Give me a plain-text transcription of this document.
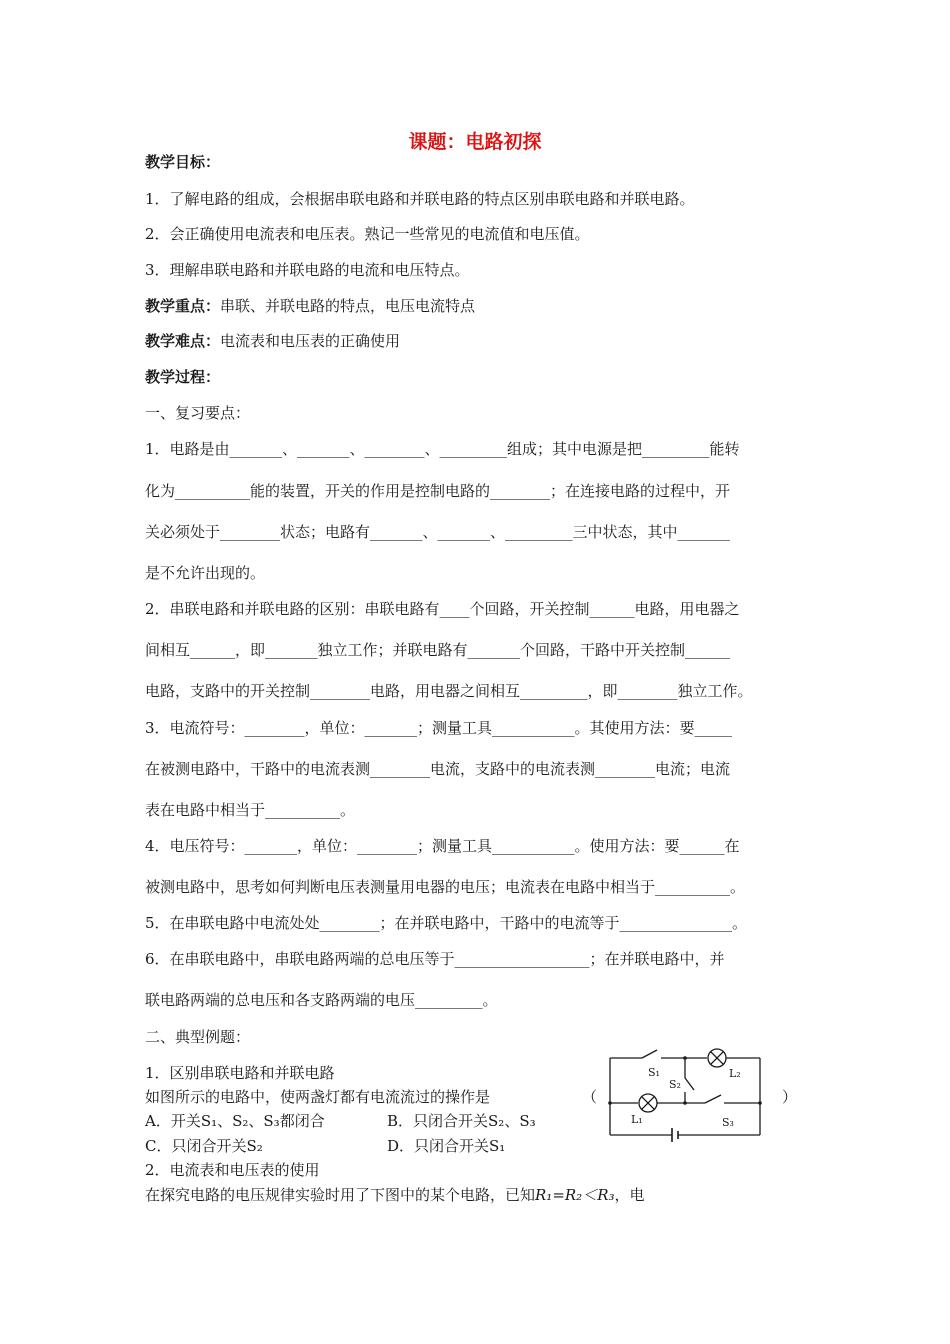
课题：电路初探
教学目标：
1．了解电路的组成，会根据串联电路和并联电路的特点区别串联电路和并联电路。
2．会正确使用电流表和电压表。熟记一些常见的电流值和电压值。
3．理解串联电路和并联电路的电流和电压特点。
教学重点：串联、并联电路的特点，电压电流特点
教学难点：电流表和电压表的正确使用
教学过程：
一、复习要点：
1．电路是由_______、_______、________、_________组成；其中电源是把_________能转
化为__________能的装置，开关的作用是控制电路的________；在连接电路的过程中，开
关必须处于________状态；电路有_______、_______、_________三中状态，其中_______
是不允许出现的。
2．串联电路和并联电路的区别：串联电路有____个回路，开关控制______电路，用电器之
间相互______，即_______独立工作；并联电路有_______个回路，干路中开关控制______
电路，支路中的开关控制________电路，用电器之间相互_________，即________独立工作。
3．电流符号：________，单位：_______；测量工具___________。其使用方法：要_____
在被测电路中，干路中的电流表测________电流，支路中的电流表测________电流；电流
表在电路中相当于__________。
4．电压符号：_______，单位：________；测量工具___________。使用方法：要______在
被测电路中，思考如何判断电压表测量用电器的电压；电流表在电路中相当于__________。
5．在串联电路中电流处处________；在并联电路中，干路中的电流等于_______________。
6．在串联电路中，串联电路两端的总电压等于__________________；在并联电路中，并
联电路两端的总电压和各支路两端的电压_________。
二、典型例题：
1．区别串联电路和并联电路
如图所示的电路中，使两盏灯都有电流流过的操作是
A．开关S₁、S₂、S₃都闭合	B．只闭合开关S₂、S₃
C．只闭合开关S₂	D．只闭合开关S₁
2．电流表和电压表的使用
在探究电路的电压规律实验时用了下图中的某个电路，已知R₁=R₂＜R₃，电
（	）
S₁
S₂
S₃
L₁
L₂
